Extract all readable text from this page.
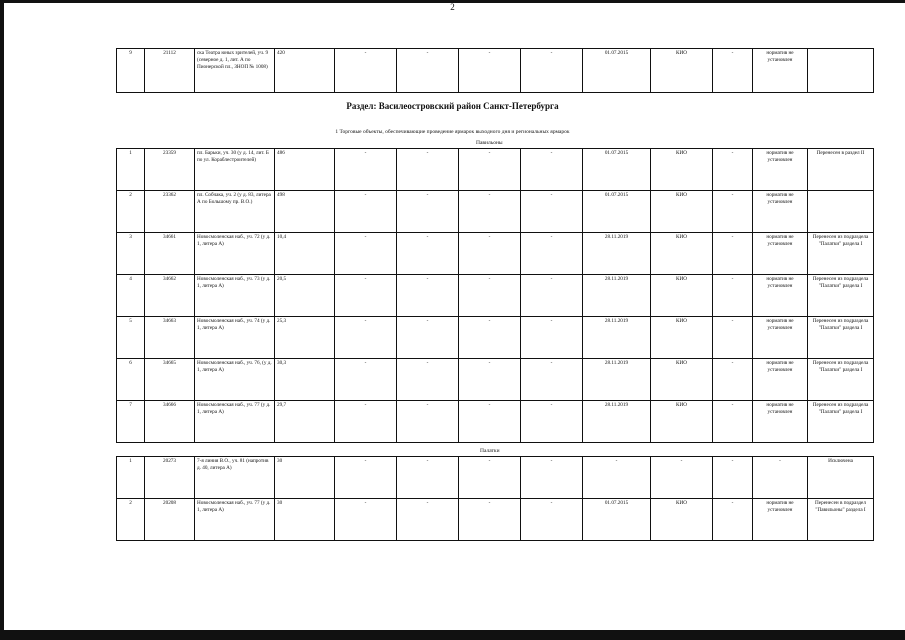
2
9	21112	ска Театра юных зрителей, уч. 9 (северное д. 1, лит. А по Пионерской пл., ЗНОП № 1008)	420	-	-	-	-	01.07.2015	КИО	-	норматив не установлен	
Раздел: Василеостровский район Санкт-Петербурга
1 Торговые объекты, обеспечивающие проведение ярмарок выходного дня и региональных ярмарок
Павильоны
1	23359	пл. Барьки, уч. 30 (у д. 14, лит. Б по ул. Кораблестроителей)	486	-	-	-	-	01.07.2015	КИО	-	норматив не установлен	Перенесен в раздел II
2	23362	пл. Собчака, уч. 2 (у д. 83, литера А по Большому пр. В.О.)	498	-	-	-	-	01.07.2015	КИО	-	норматив не установлен	
3	34661	Новосмоленская наб., уч. 72 (у д. 1, литера А)	10,4	-	-	-	-	28.11.2019	КИО	-	норматив не установлен	Перенесен из подраздела "Палатки" раздела I
4	34662	Новосмоленская наб., уч. 73 (у д. 1, литера А)	20,5	-	-	-	-	28.11.2019	КИО	-	норматив не установлен	Перенесен из подраздела "Палатки" раздела I
5	34663	Новосмоленская наб., уч. 74 (у д. 1, литера А)	25,3	-	-	-	-	28.11.2019	КИО	-	норматив не установлен	Перенесен из подраздела "Палатки" раздела I
6	34665	Новосмоленская наб., уч. 76, (у д. 1, литера А)	30,3	-	-	-	-	28.11.2019	КИО	-	норматив не установлен	Перенесен из подраздела "Палатки" раздела I
7	34666	Новосмоленская наб., уч. 77 (у д. 1, литера А)	29,7	-	-	-	-	28.11.2019	КИО	-	норматив не установлен	Перенесен из подраздела "Палатки" раздела I
Палатки
1	20273	7-я линия В.О., уч. 81 (напротив д. 40, литера А)	30	-	-	-	-	-	-	-	-	Исключена
2	20208	Новосмоленская наб., уч. 77 (у д. 1, литера А)	30	-	-	-	-	01.07.2015	КИО	-	норматив не установлен	Перенесен в подраздел "Павильоны" раздела I
